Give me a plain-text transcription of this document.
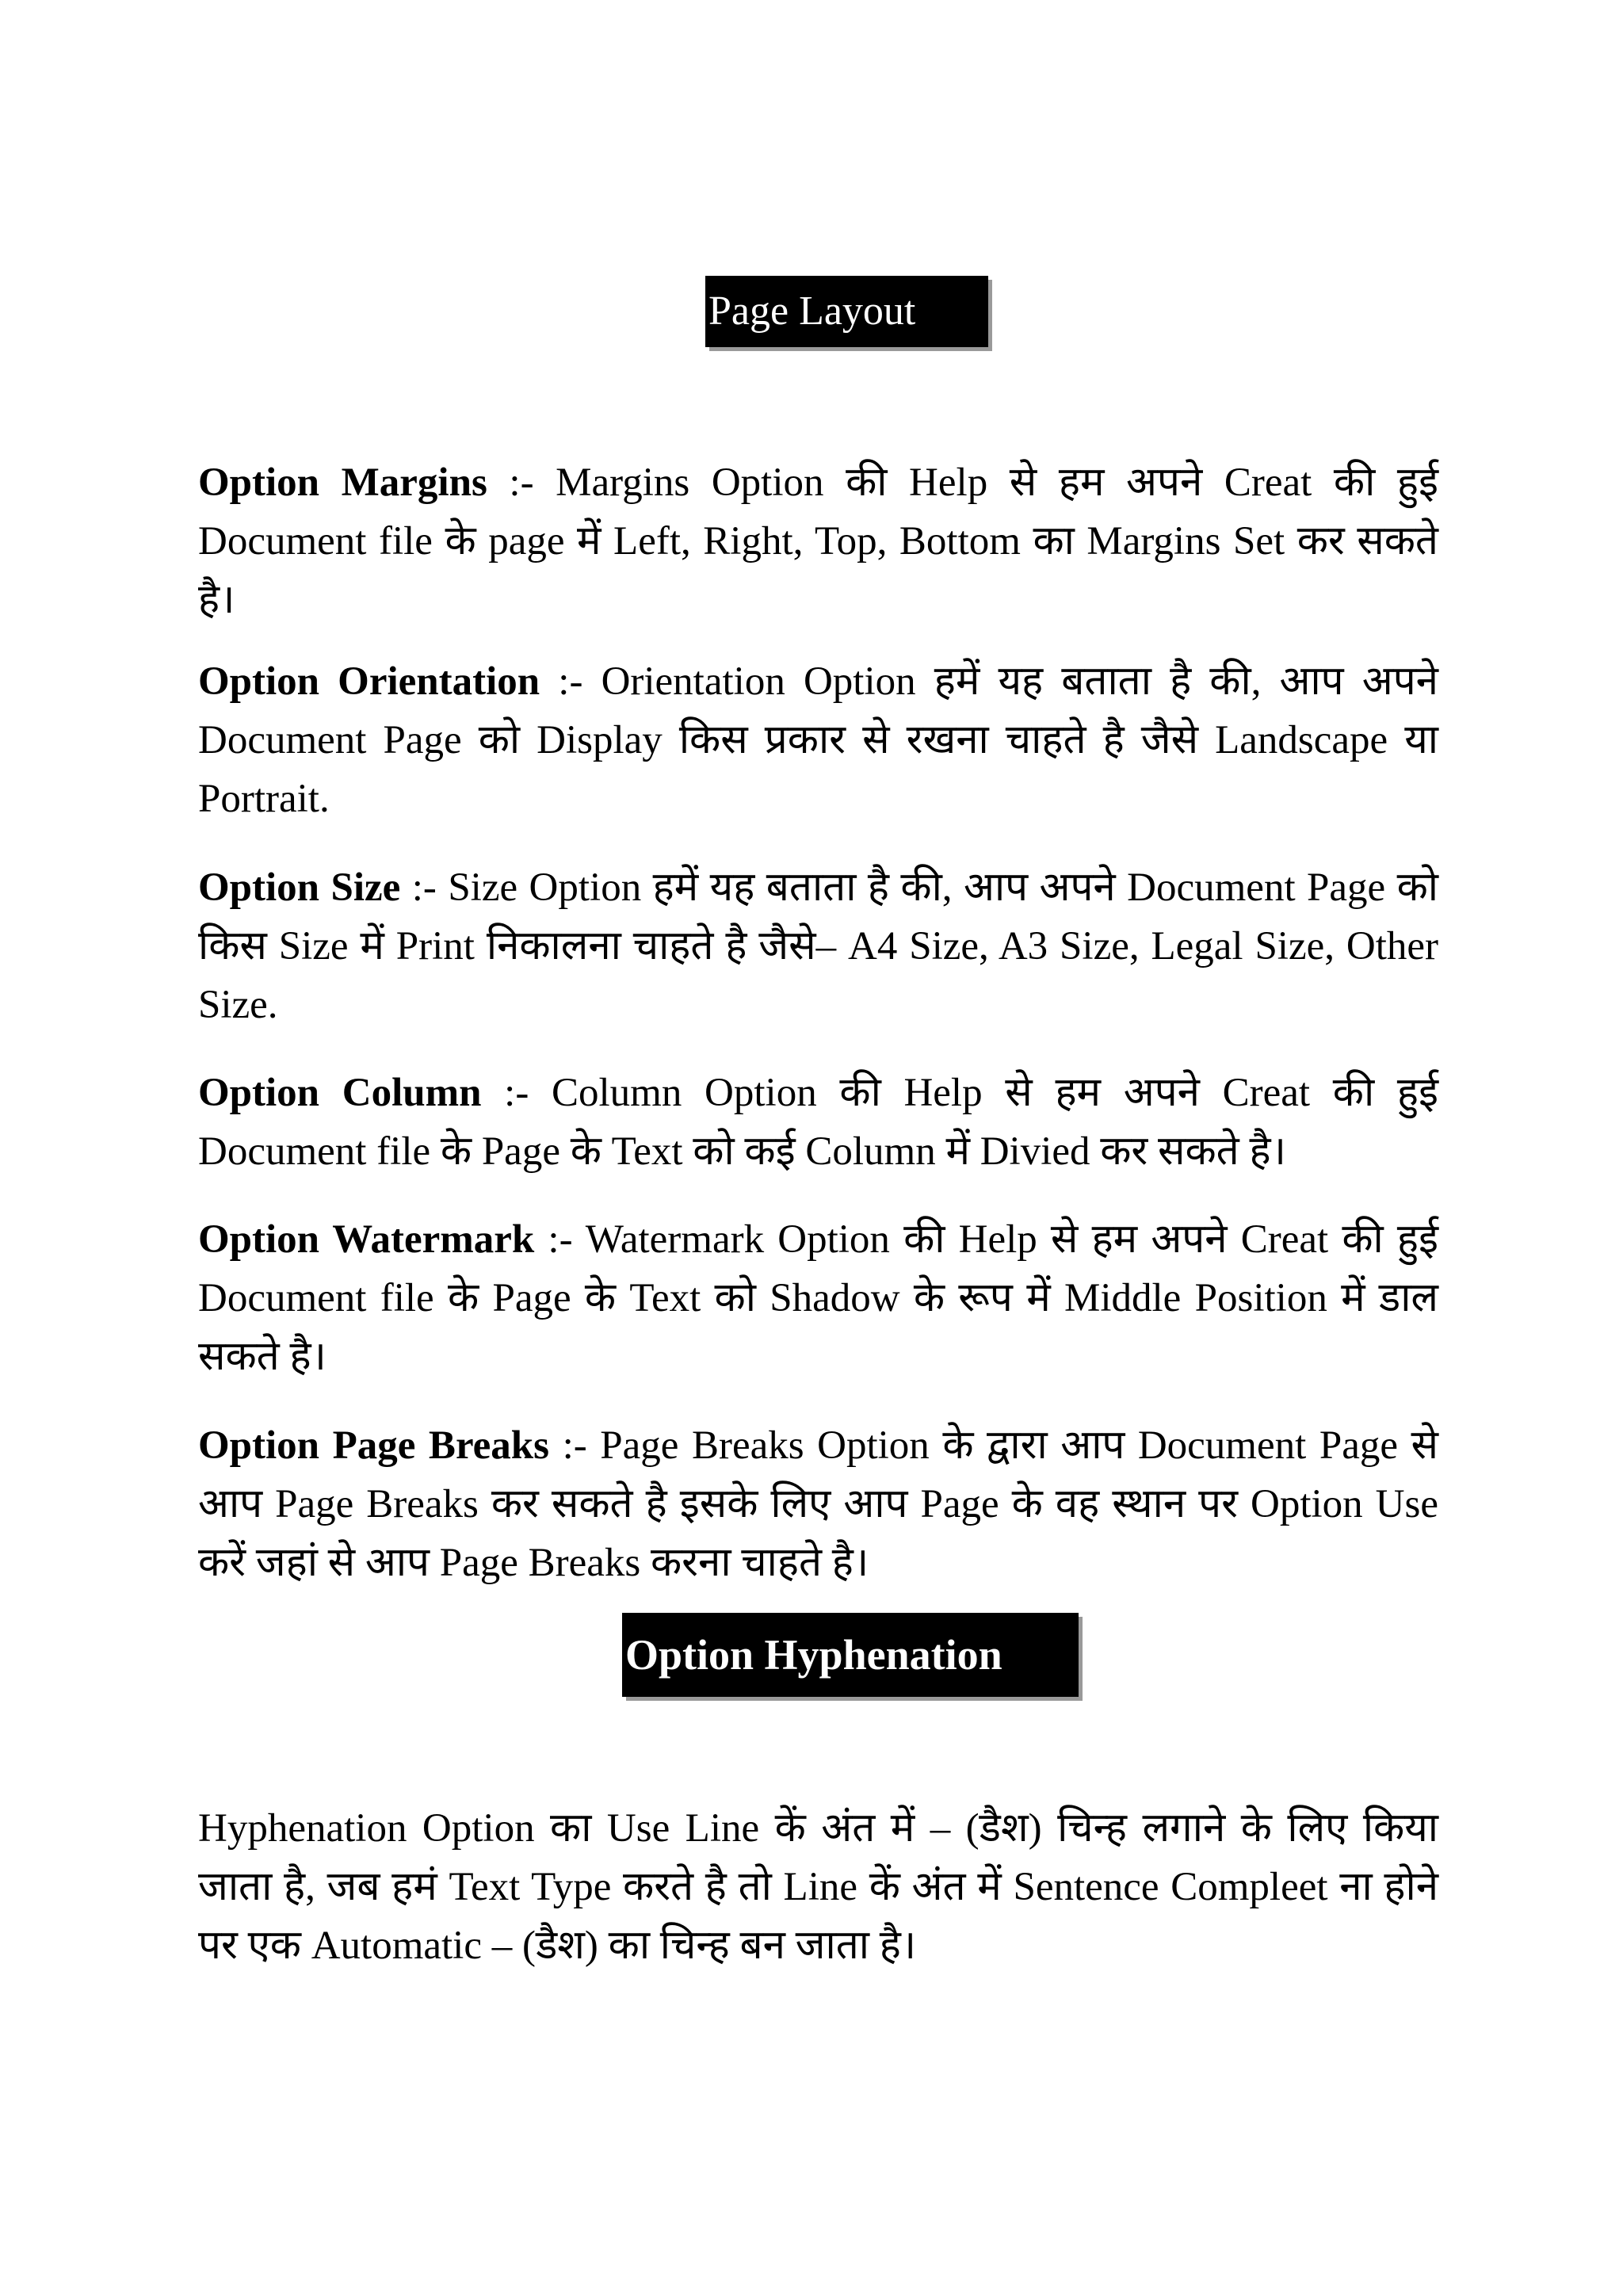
Page Layout

Option Margins :- Margins Option की Help से हम अपने Creat की हुई Document file के page में Left, Right, Top, Bottom का Margins Set कर सकते है।

Option Orientation :- Orientation Option हमें यह बताता है की, आप अपने Document Page को Display किस प्रकार से रखना चाहते है जैसे Landscape या Portrait.

Option Size :- Size Option हमें यह बताता है की, आप अपने Document Page को किस Size में Print निकालना चाहते है जैसे– A4 Size, A3 Size, Legal Size, Other Size.

Option Column :- Column Option की Help से हम अपने Creat की हुई Document file के Page के Text को कई Column में Divied कर सकते है।

Option Watermark :- Watermark Option की Help से हम अपने Creat की हुई Document file के Page के Text को Shadow के रूप में Middle Position में डाल सकते है।

Option Page Breaks :- Page Breaks Option के द्वारा आप Document Page से आप Page Breaks कर सकते है इसके लिए आप Page के वह स्थान पर Option Use करें जहां से आप Page Breaks करना चाहते है।

Option Hyphenation

Hyphenation Option का Use Line कें अंत में – (डैश) चिन्ह लगाने के लिए किया जाता है, जब हमं Text Type करते है तो Line कें अंत में Sentence Compleet ना होने पर एक Automatic – (डैश) का चिन्ह बन जाता है।
